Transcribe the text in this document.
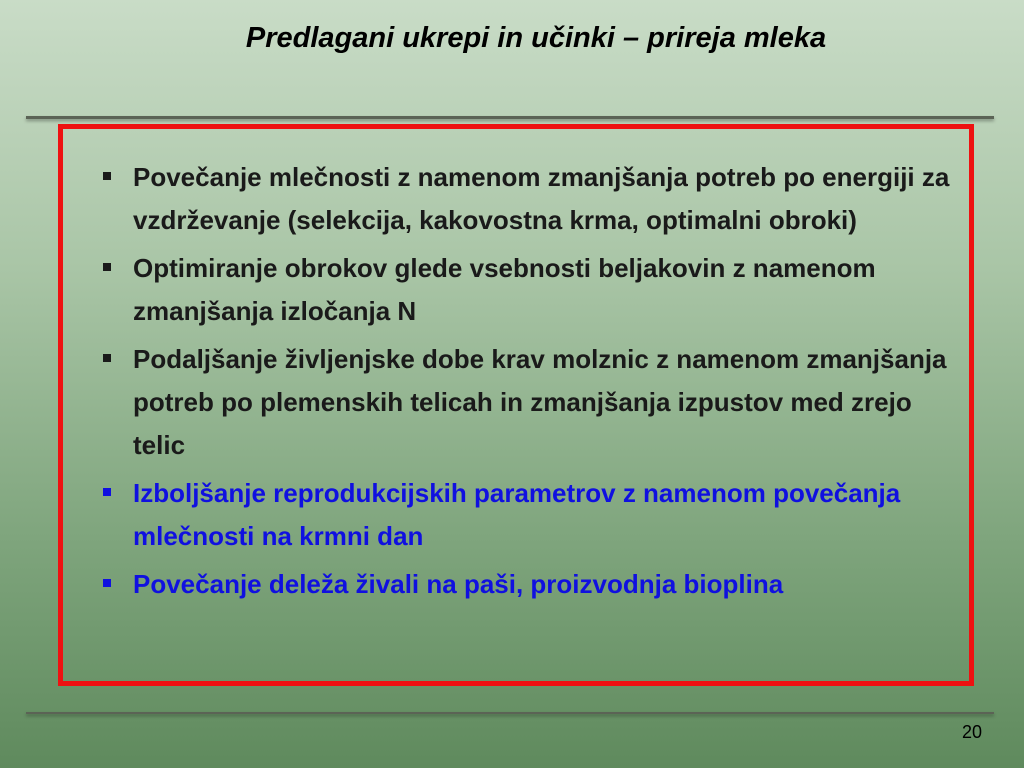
Predlagani ukrepi in učinki – prireja mleka
Povečanje mlečnosti z namenom zmanjšanja potreb po energiji za vzdrževanje (selekcija, kakovostna krma, optimalni obroki)
Optimiranje obrokov glede vsebnosti beljakovin z namenom zmanjšanja izločanja N
Podaljšanje življenjske dobe krav molznic z namenom zmanjšanja potreb po plemenskih telicah in zmanjšanja izpustov med zrejo telic
Izboljšanje reprodukcijskih parametrov z namenom povečanja mlečnosti na krmni dan
Povečanje deleža živali na paši, proizvodnja bioplina
20
